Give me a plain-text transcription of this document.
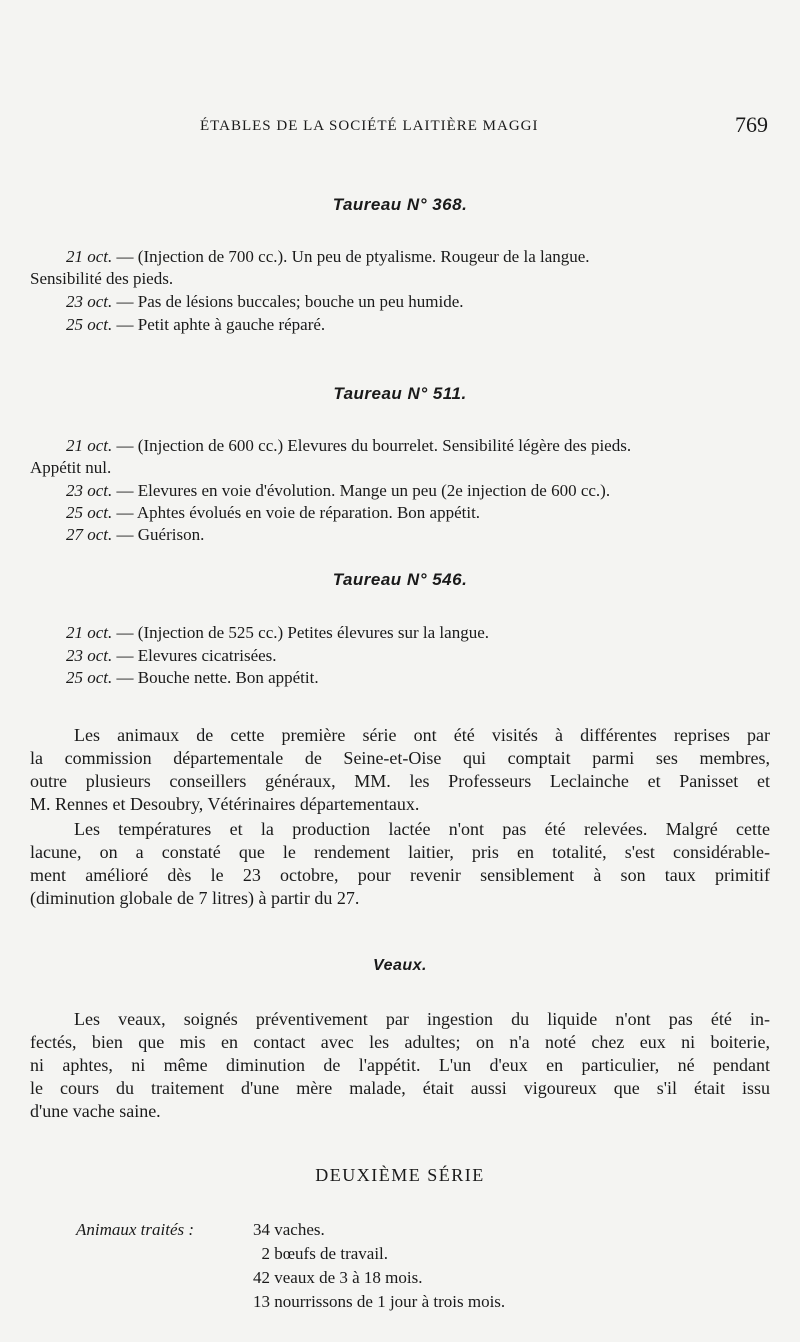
ÉTABLES DE LA SOCIÉTÉ LAITIÈRE MAGGI	769
Taureau N° 368.
21 oct. — (Injection de 700 cc.). Un peu de ptyalisme. Rougeur de la langue.
Sensibilité des pieds.
23 oct. — Pas de lésions buccales; bouche un peu humide.
25 oct. — Petit aphte à gauche réparé.
Taureau N° 511.
21 oct. — (Injection de 600 cc.) Elevures du bourrelet. Sensibilité légère des pieds.
Appétit nul.
23 oct. — Elevures en voie d'évolution. Mange un peu (2e injection de 600 cc.).
25 oct. — Aphtes évolués en voie de réparation. Bon appétit.
27 oct. — Guérison.
Taureau N° 546.
21 oct. — (Injection de 525 cc.) Petites élevures sur la langue.
23 oct. — Elevures cicatrisées.
25 oct. — Bouche nette. Bon appétit.
Les animaux de cette première série ont été visités à différentes reprises par
la commission départementale de Seine-et-Oise qui comptait parmi ses membres,
outre plusieurs conseillers généraux, MM. les Professeurs Leclainche et Panisset et
M. Rennes et Desoubry, Vétérinaires départementaux.
Les températures et la production lactée n'ont pas été relevées. Malgré cette
lacune, on a constaté que le rendement laitier, pris en totalité, s'est considérable-
ment amélioré dès le 23 octobre, pour revenir sensiblement à son taux primitif
(diminution globale de 7 litres) à partir du 27.
Veaux.
Les veaux, soignés préventivement par ingestion du liquide n'ont pas été in-
fectés, bien que mis en contact avec les adultes; on n'a noté chez eux ni boiterie,
ni aphtes, ni même diminution de l'appétit. L'un d'eux en particulier, né pendant
le cours du traitement d'une mère malade, était aussi vigoureux que s'il était issu
d'une vache saine.
DEUXIÈME SÉRIE
Animaux traités :	34 vaches.
2 bœufs de travail.
42 veaux de 3 à 18 mois.
13 nourrissons de 1 jour à trois mois.
